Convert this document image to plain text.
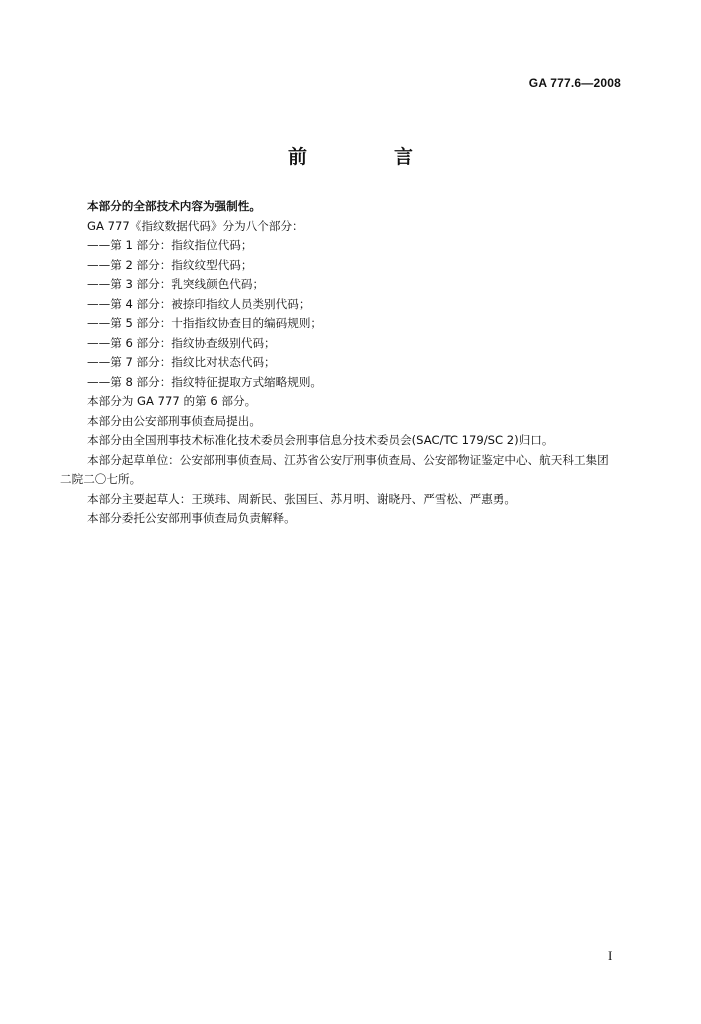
GA 777.6—2008
前　言

本部分的全部技术内容为强制性。

GA 777《指纹数据代码》分为八个部分：

——第 1 部分：指纹指位代码；

——第 2 部分：指纹纹型代码；

——第 3 部分：乳突线颜色代码；

——第 4 部分：被捺印指纹人员类别代码；

——第 5 部分：十指指纹协查目的编码规则；

——第 6 部分：指纹协查级别代码；

——第 7 部分：指纹比对状态代码；

——第 8 部分：指纹特征提取方式缩略规则。

本部分为 GA 777 的第 6 部分。

本部分由公安部刑事侦查局提出。

本部分由全国刑事技术标准化技术委员会刑事信息分技术委员会(SAC/TC 179/SC 2)归口。

本部分起草单位：公安部刑事侦查局、江苏省公安厅刑事侦查局、公安部物证鉴定中心、航天科工集团二院二〇七所。

本部分主要起草人：王瑛玮、周新民、张国巨、苏月明、谢晓丹、严雪松、严惠勇。

本部分委托公安部刑事侦查局负责解释。

I
